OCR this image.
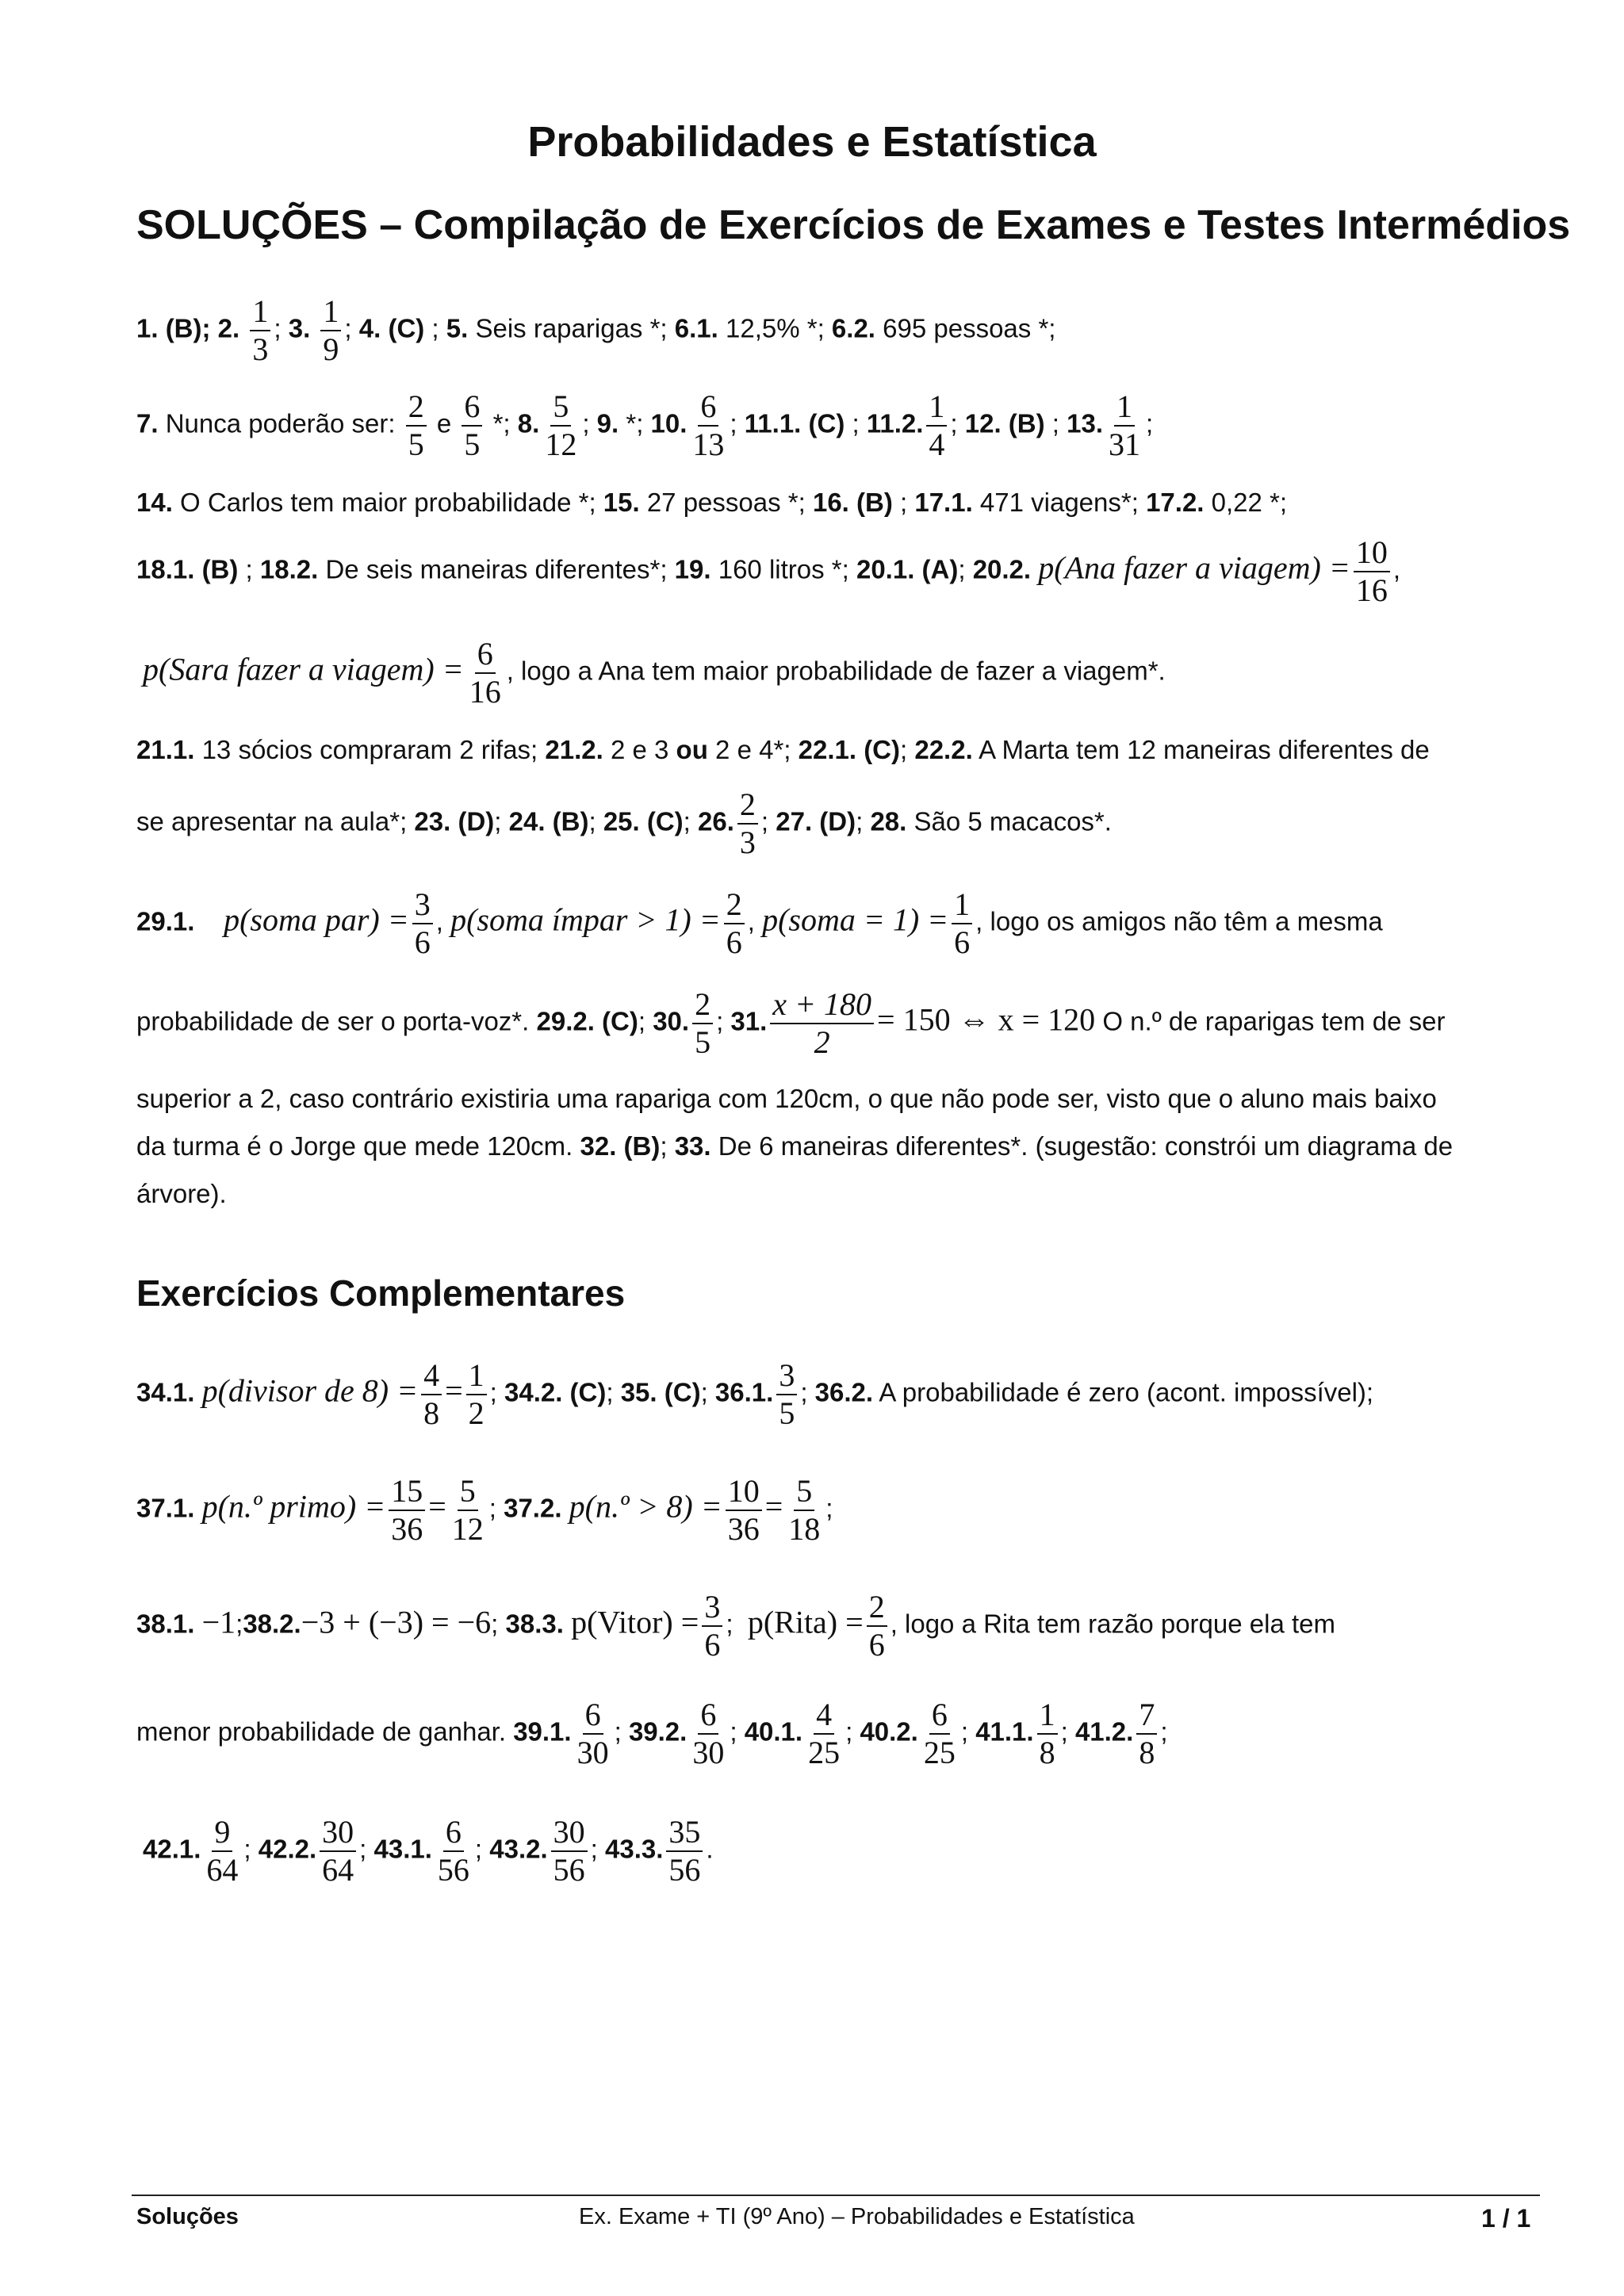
Probabilidades e Estatística
SOLUÇÕES – Compilação de Exercícios de Exames e Testes Intermédios
1. (B); 2. $\frac{1}{3}$ ; 3. $\frac{1}{9}$ ; 4. (C) ; 5. Seis raparigas *; 6.1. 12,5% *; 6.2. 695 pessoas *;
7. Nunca poderão ser: $\frac{2}{5}$ e $\frac{6}{5}$ *; 8. $\frac{5}{12}$ ; 9. *; 10. $\frac{6}{13}$ ; 11.1. (C) ; 11.2. $\frac{1}{4}$ ; 12. (B) ; 13. $\frac{1}{31}$ ;
14. O Carlos tem maior probabilidade *; 15. 27 pessoas *; 16. (B) ; 17.1. 471 viagens*; 17.2. 0,22 *;
18.1. (B) ; 18.2. De seis maneiras diferentes*; 19. 160 litros *; 20.1. (A); 20.2. p(Ana fazer a viagem) = $\frac{10}{16}$ ,
p(Sara fazer a viagem) = $\frac{6}{16}$ , logo a Ana tem maior probabilidade de fazer a viagem*.
21.1. 13 sócios compraram 2 rifas; 21.2. 2 e 3 ou 2 e 4*; 22.1. (C); 22.2. A Marta tem 12 maneiras diferentes de
se apresentar na aula*; 23. (D); 24. (B); 25. (C); 26. $\frac{2}{3}$ ; 27. (D); 28. São 5 macacos*.
29.1. p(soma $par) = \frac{3}{6}$ , p(soma ímpar > $1) = \frac{2}{6}$ , p(soma = $1) = \frac{1}{6}$ , logo os amigos não têm a mesma
probabilidade de ser o porta-voz*. 29.2. (C); 30. $\frac{2}{5}$ ; 31. $\frac{x + 180}{2} = 150$ ⇔ x = 120 O n.º de raparigas tem de ser
superior a 2, caso contrário existiria uma rapariga com 120cm, o que não pode ser, visto que o aluno mais baixo
da turma é o Jorge que mede 120cm. 32. (B); 33. De 6 maneiras diferentes*. (sugestão: constrói um diagrama de
árvore).
Exercícios Complementares
34.1. p(divisor de $8) = \frac{4}{8} = \frac{1}{2}$ ; 34.2. (C); 35. (C); 36.1. $\frac{3}{5}$ ; 36.2. A probabilidade é zero (acont. impossível);
37.1. p(n.º primo) = $\frac{15}{36} = \frac{5}{12}$ ; 37.2. p(n.º > $8) = \frac{10}{36} = \frac{5}{18}$ ;
38.1. −1;38.2.−3 + (−3) = −6; 38.3. p(Vitor) = $\frac{3}{6}$ ; p(Rita) = $\frac{2}{6}$ , logo a Rita tem razão porque ela tem
menor probabilidade de ganhar. 39.1. $\frac{6}{30}$ ; 39.2. $\frac{6}{30}$ ; 40.1. $\frac{4}{25}$ ; 40.2. $\frac{6}{25}$ ; 41.1. $\frac{1}{8}$ ; 41.2. $\frac{7}{8}$ ;
42.1. $\frac{9}{64}$ ; 42.2. $\frac{30}{64}$ ; 43.1. $\frac{6}{56}$ ; 43.2. $\frac{30}{56}$ ; 43.3. $\frac{35}{56}$ .
Soluções	Ex. Exame + TI (9º Ano) – Probabilidades e Estatística	1 / 1
